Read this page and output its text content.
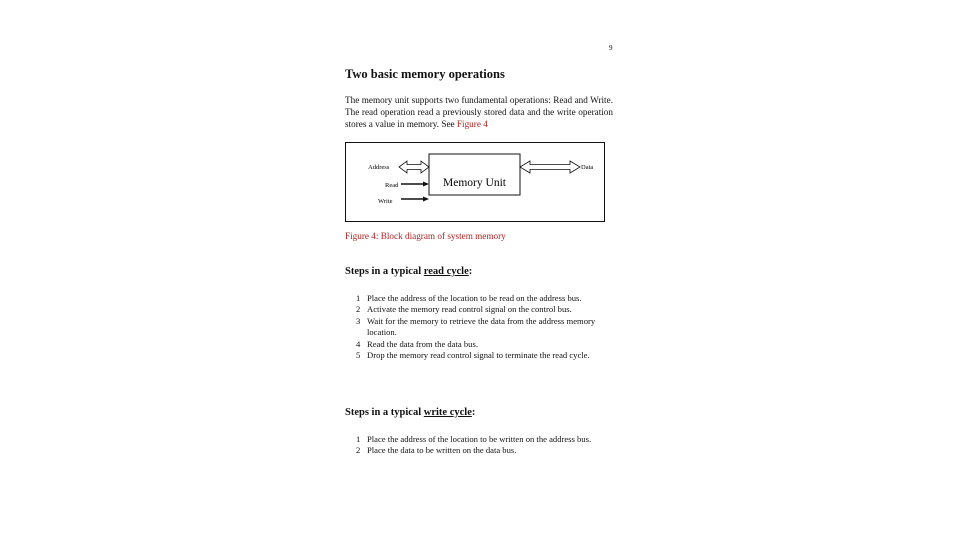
9
Two basic memory operations

The memory unit supports two fundamental operations: Read and Write. The read operation read a previously stored data and the write operation stores a value in memory. See Figure 4

Memory Unit
Address	Data
Read
Write
Figure 4: Block diagram of system memory
Steps in a typical read cycle:
1 Place the address of the location to be read on the address bus.
2 Activate the memory read control signal on the control bus.
3 Wait for the memory to retrieve the data from the address memory location.
4 Read the data from the data bus.
5 Drop the memory read control signal to terminate the read cycle.
Steps in a typical write cycle:
1 Place the address of the location to be written on the address bus.
2 Place the data to be written on the data bus.
